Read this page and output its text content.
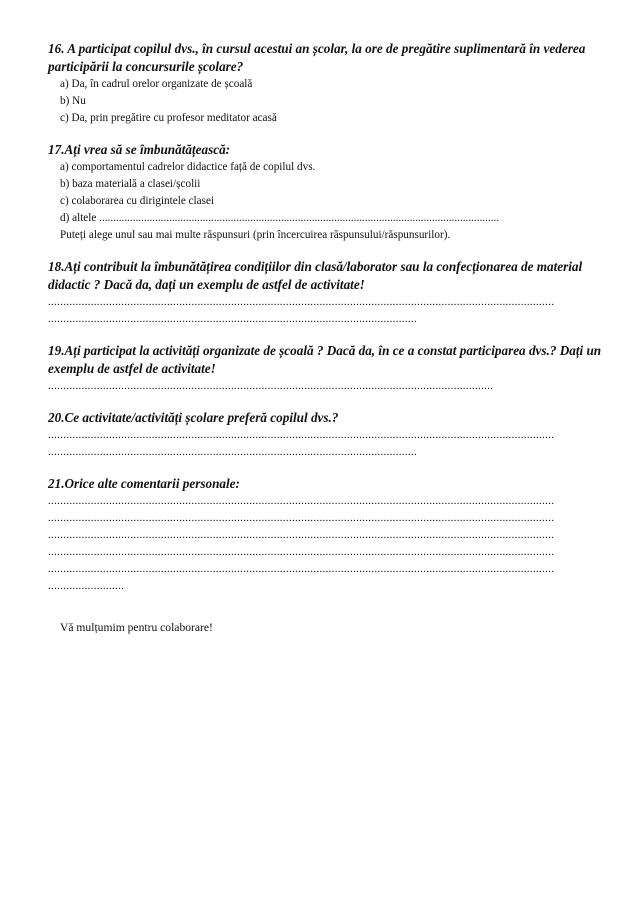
16. A participat copilul dvs., în cursul acestui an școlar, la ore de pregătire suplimentară în vederea participării la concursurile școlare?

a) Da, în cadrul orelor organizate de școală
b) Nu
c) Da, prin pregătire cu profesor meditator acasă

17.Ați vrea să se îmbunătățească:

a) comportamentul cadrelor didactice față de copilul dvs.
b) baza materială a clasei/școlii
c) colaborarea cu dirigintele clasei
d) altele ...............................................................................................................................................
Puteți alege unul sau mai multe răspunsuri (prin încercuirea răspunsului/răspunsurilor).

18.Ați contribuit la îmbunătățirea condițiilor din clasă/laborator sau la confecționarea de material didactic ? Dacă da, dați un exemplu de astfel de activitate!

......................................................................................................................................................................
.........................................................................................................................

19.Ați participat la activități organizate de școală ? Dacă da, în ce a constat participarea dvs.? Dați un exemplu de astfel de activitate!

..................................................................................................................................................

20.Ce activitate/activități școlare preferă copilul dvs.?

......................................................................................................................................................................
.........................................................................................................................

21.Orice alte comentarii personale:

......................................................................................................................................................................
......................................................................................................................................................................
......................................................................................................................................................................
......................................................................................................................................................................
......................................................................................................................................................................
.........................
Vă mulțumim pentru colaborare!
